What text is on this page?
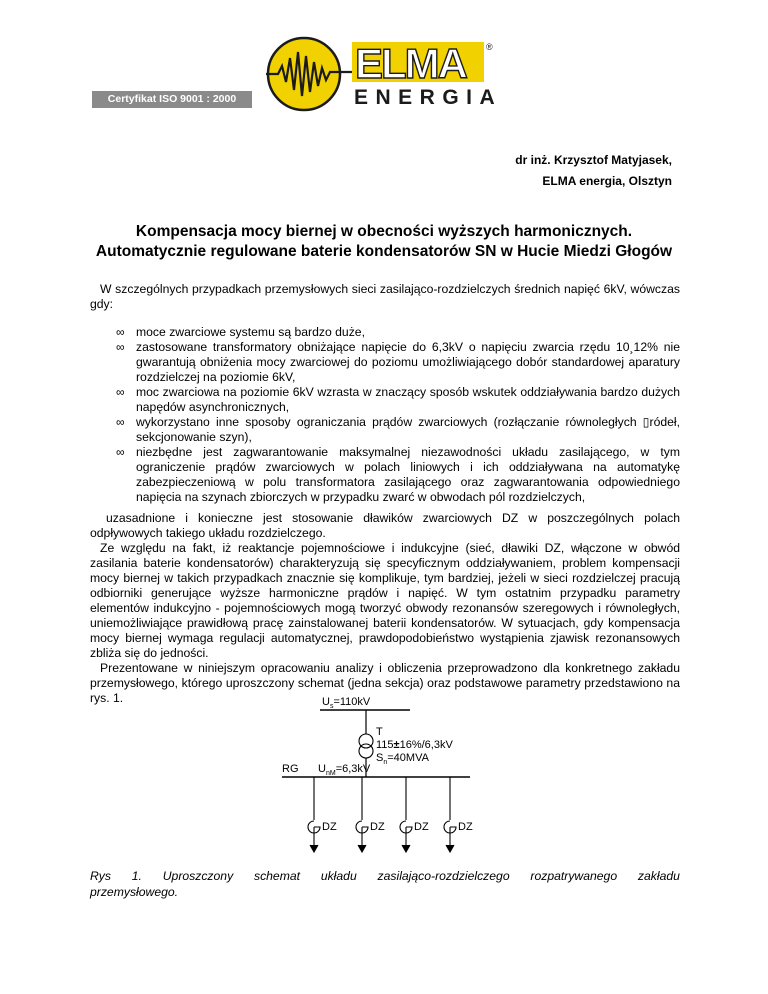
Certyfikat ISO 9001 : 2000
ELMA ®
ENERGIA
dr inż. Krzysztof Matyjasek,
ELMA energia, Olsztyn
Kompensacja mocy biernej w obecności wyższych harmonicznych.
Automatycznie regulowane baterie kondensatorów SN w Hucie Miedzi Głogów
W szczególnych przypadkach przemysłowych sieci zasilająco-rozdzielczych średnich napięć 6kV, wówczas gdy:
∞ moce zwarciowe systemu są bardzo duże,
∞ zastosowane transformatory obniżające napięcie do 6,3kV o napięciu zwarcia rzędu 10¸12% nie gwarantują obniżenia mocy zwarciowej do poziomu umożliwiającego dobór standardowej aparatury rozdzielczej na poziomie 6kV,
∞ moc zwarciowa na poziomie 6kV wzrasta w znaczący sposób wskutek oddziaływania bardzo dużych napędów asynchronicznych,
∞ wykorzystano inne sposoby ograniczania prądów zwarciowych (rozłączanie równoległych ▯ródeł, sekcjonowanie szyn),
∞ niezbędne jest zagwarantowanie maksymalnej niezawodności układu zasilającego, w tym ograniczenie prądów zwarciowych w polach liniowych i ich oddziaływana na automatykę zabezpieczeniową w polu transformatora zasilającego oraz zagwarantowania odpowiedniego napięcia na szynach zbiorczych w przypadku zwarć w obwodach pól rozdzielczych,

uzasadnione i konieczne jest stosowanie dławików zwarciowych DZ w poszczególnych polach odpływowych takiego układu rozdzielczego.

Ze względu na fakt, iż reaktancje pojemnościowe i indukcyjne (sieć, dławiki DZ, włączone w obwód zasilania baterie kondensatorów) charakteryzują się specyficznym oddziaływaniem, problem kompensacji mocy biernej w takich przypadkach znacznie się komplikuje, tym bardziej, jeżeli w sieci rozdzielczej pracują odbiorniki generujące wyższe harmoniczne prądów i napięć. W tym ostatnim przypadku parametry elementów indukcyjno - pojemnościowych mogą tworzyć obwody rezonansów szeregowych i równoległych, uniemożliwiające prawidłową pracę zainstalowanej baterii kondensatorów. W sytuacjach, gdy kompensacja mocy biernej wymaga regulacji automatycznej, prawdopodobieństwo wystąpienia zjawisk rezonansowych zbliża się do jedności.

Prezentowane w niniejszym opracowaniu analizy i obliczenia przeprowadzono dla konkretnego zakładu przemysłowego, którego uproszczony schemat (jedna sekcja) oraz podstawowe parametry przedstawiono na rys. 1.	$U_s=110kV$
T
115±16%/6,3kV
$S_n=40MVA$
RG $U_{nM}=6,3kV$
DZ	DZ	DZ	DZ
Rys 1. Uproszczony schemat układu zasilająco-rozdzielczego rozpatrywanego zakładu
przemysłowego.
